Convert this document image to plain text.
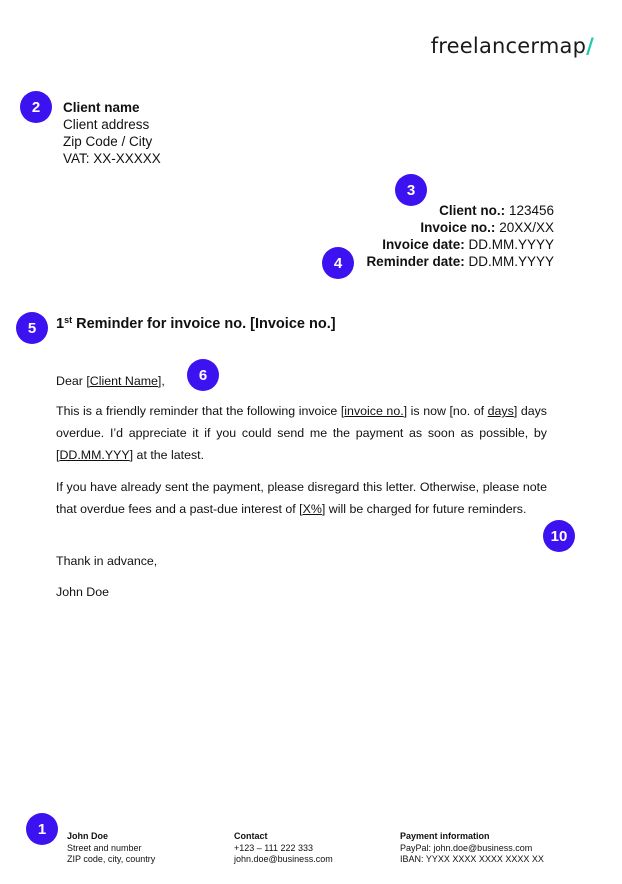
freelancermap/
2
3
4
5
6
10
1
Client name
Client address
Zip Code / City
VAT: XX-XXXXX
Client no.: 123456
Invoice no.: 20XX/XX
Invoice date: DD.MM.YYYY
Reminder date: DD.MM.YYYY
1st Reminder for invoice no. [Invoice no.]
Dear [Client Name],
This is a friendly reminder that the following invoice [invoice no.] is now [no. of days] days overdue. I’d appreciate it if you could send me the payment as soon as possible, by [DD.MM.YYY] at the latest.
If you have already sent the payment, please disregard this letter. Otherwise, please note that overdue fees and a past-due interest of [X%] will be charged for future reminders.
Thank in advance,
John Doe
John Doe
Street and number
ZIP code, city, country
Contact
+123 – 111 222 333
john.doe@business.com
Payment information
PayPal: john.doe@business.com
IBAN: YYXX XXXX XXXX XXXX XX
